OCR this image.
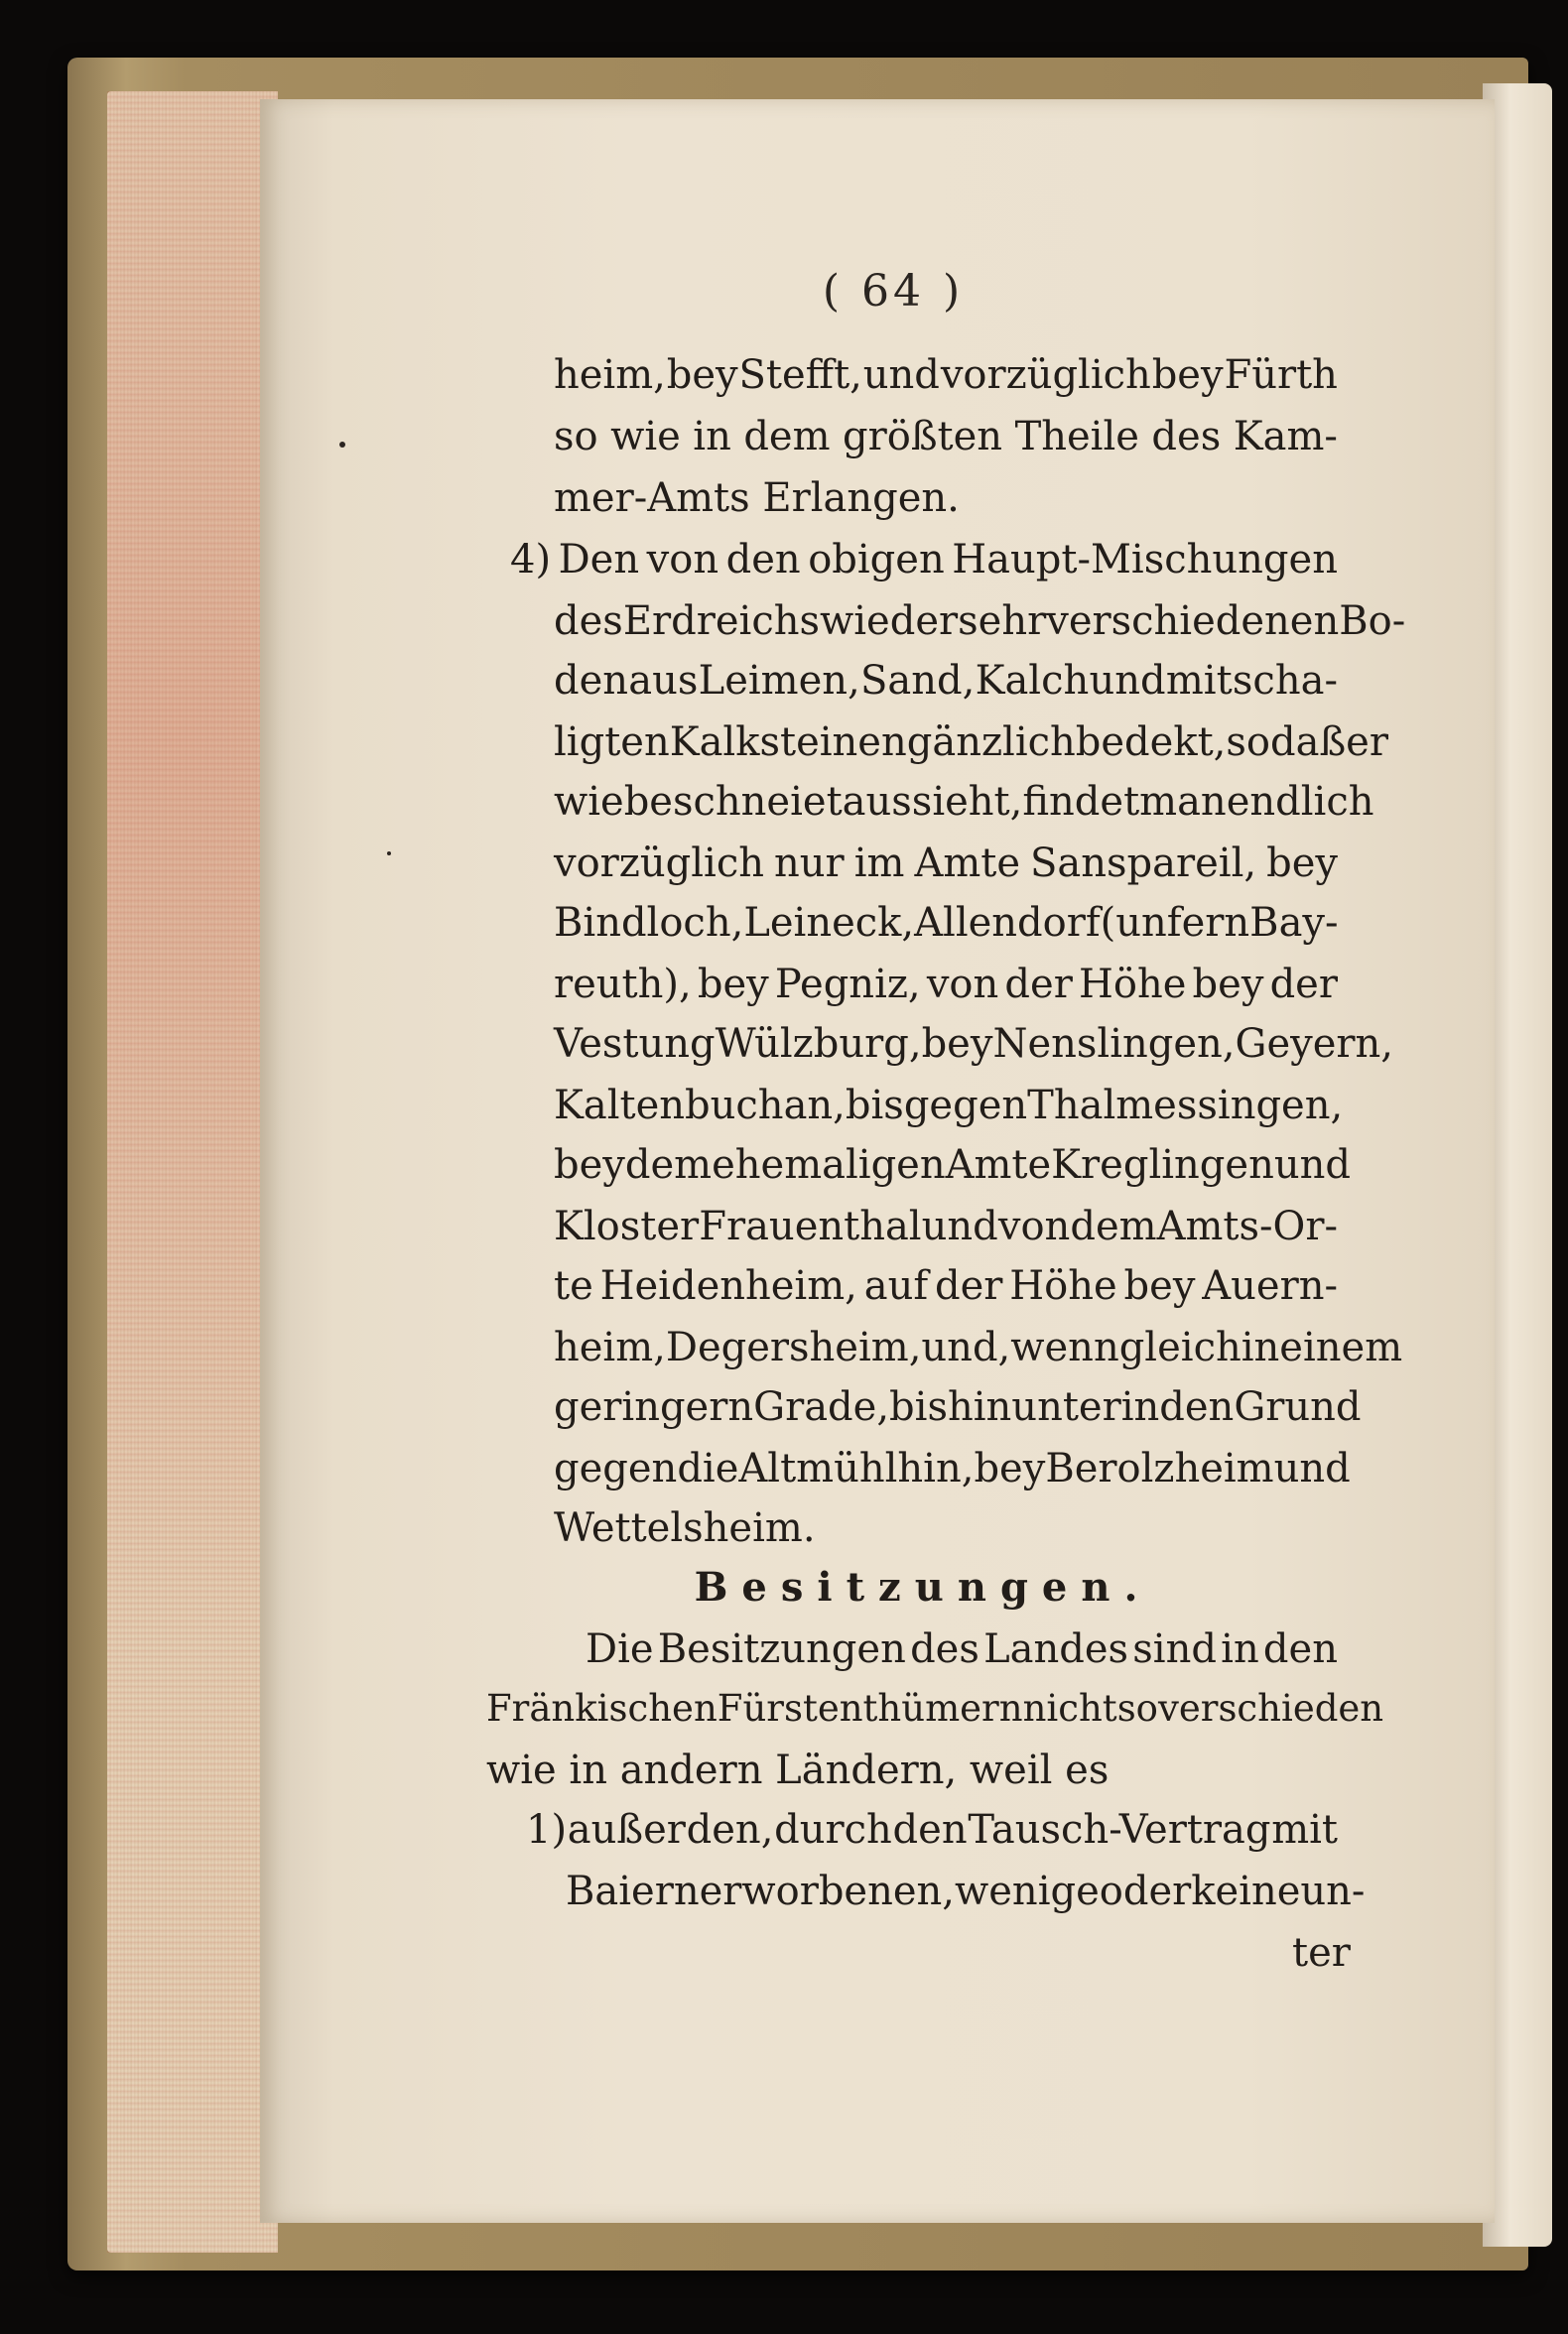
( 64 )
heim, bey Stefft, und vorzüglich bey Fürth
so wie in dem größten Theile des Kam-
mer-Amts Erlangen.
4) Den von den obigen Haupt-Mischungen
des Erdreichs wieder sehr verschiedenen Bo-
den aus Leimen, Sand, Kalch und mit scha-
ligten Kalksteinen gänzlich bedekt, so daß er
wie beschneiet aussieht, findet man endlich
vorzüglich nur im Amte Sanspareil, bey
Bindloch, Leineck, Allendorf (unfern Bay-
reuth), bey Pegniz, von der Höhe bey der
Vestung Wülzburg, bey Nenslingen, Geyern,
Kaltenbuch an, bis gegen Thalmessingen,
bey dem ehemaligen Amte Kreglingen und
Kloster Frauenthal und von dem Amts-Or-
te Heidenheim, auf der Höhe bey Auern-
heim, Degersheim, und, wenn gleich in einem
geringern Grade, bis hinunter in den Grund
gegen die Altmühl hin, bey Berolzheim und
Wettelsheim.
Besitzungen.
Die Besitzungen des Landes sind in den
Fränkischen Fürstenthümern nicht so verschieden
wie in andern Ländern, weil es
1) außer den, durch den Tausch-Vertrag mit
Baiern erworbenen, wenige oder keine un-
ter
